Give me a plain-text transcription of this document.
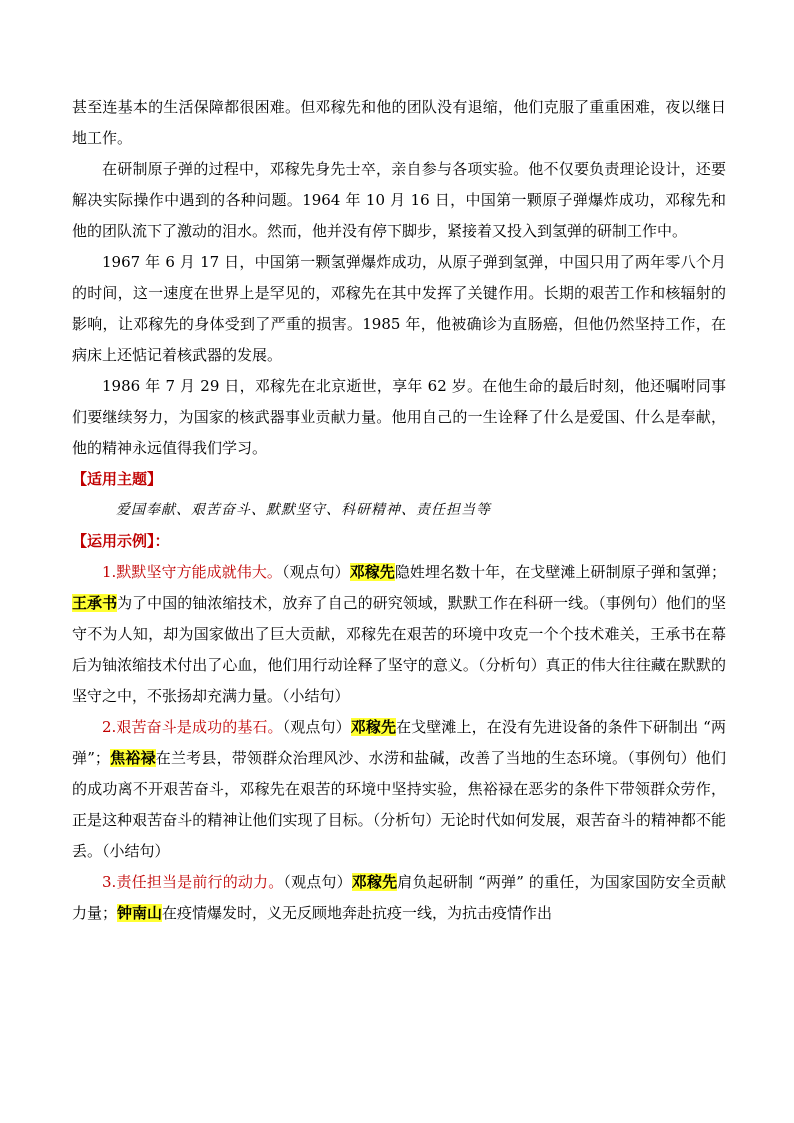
甚至连基本的生活保障都很困难。但邓稼先和他的团队没有退缩，他们克服了重重困难，夜以继日地工作。

在研制原子弹的过程中，邓稼先身先士卒，亲自参与各项实验。他不仅要负责理论设计，还要解决实际操作中遇到的各种问题。1964 年 10 月 16 日，中国第一颗原子弹爆炸成功，邓稼先和他的团队流下了激动的泪水。然而，他并没有停下脚步，紧接着又投入到氢弹的研制工作中。

1967 年 6 月 17 日，中国第一颗氢弹爆炸成功，从原子弹到氢弹，中国只用了两年零八个月的时间，这一速度在世界上是罕见的，邓稼先在其中发挥了关键作用。长期的艰苦工作和核辐射的影响，让邓稼先的身体受到了严重的损害。1985 年，他被确诊为直肠癌，但他仍然坚持工作，在病床上还惦记着核武器的发展。

1986 年 7 月 29 日，邓稼先在北京逝世，享年 62 岁。在他生命的最后时刻，他还嘱咐同事们要继续努力，为国家的核武器事业贡献力量。他用自己的一生诠释了什么是爱国、什么是奉献，他的精神永远值得我们学习。

【适用主题】

爱国奉献、艰苦奋斗、默默坚守、科研精神、责任担当等

【运用示例】：

1.默默坚守方能成就伟大。（观点句）邓稼先隐姓埋名数十年，在戈壁滩上研制原子弹和氢弹；王承书为了中国的铀浓缩技术，放弃了自己的研究领域，默默工作在科研一线。（事例句）他们的坚守不为人知，却为国家做出了巨大贡献，邓稼先在艰苦的环境中攻克一个个技术难关，王承书在幕后为铀浓缩技术付出了心血，他们用行动诠释了坚守的意义。（分析句）真正的伟大往往藏在默默的坚守之中，不张扬却充满力量。（小结句）

2.艰苦奋斗是成功的基石。（观点句）邓稼先在戈壁滩上，在没有先进设备的条件下研制出 “两弹”；焦裕禄在兰考县，带领群众治理风沙、水涝和盐碱，改善了当地的生态环境。（事例句）他们的成功离不开艰苦奋斗，邓稼先在艰苦的环境中坚持实验，焦裕禄在恶劣的条件下带领群众劳作，正是这种艰苦奋斗的精神让他们实现了目标。（分析句）无论时代如何发展，艰苦奋斗的精神都不能丢。（小结句）

3.责任担当是前行的动力。（观点句）邓稼先肩负起研制 “两弹” 的重任，为国家国防安全贡献力量；钟南山在疫情爆发时，义无反顾地奔赴抗疫一线，为抗击疫情作出
